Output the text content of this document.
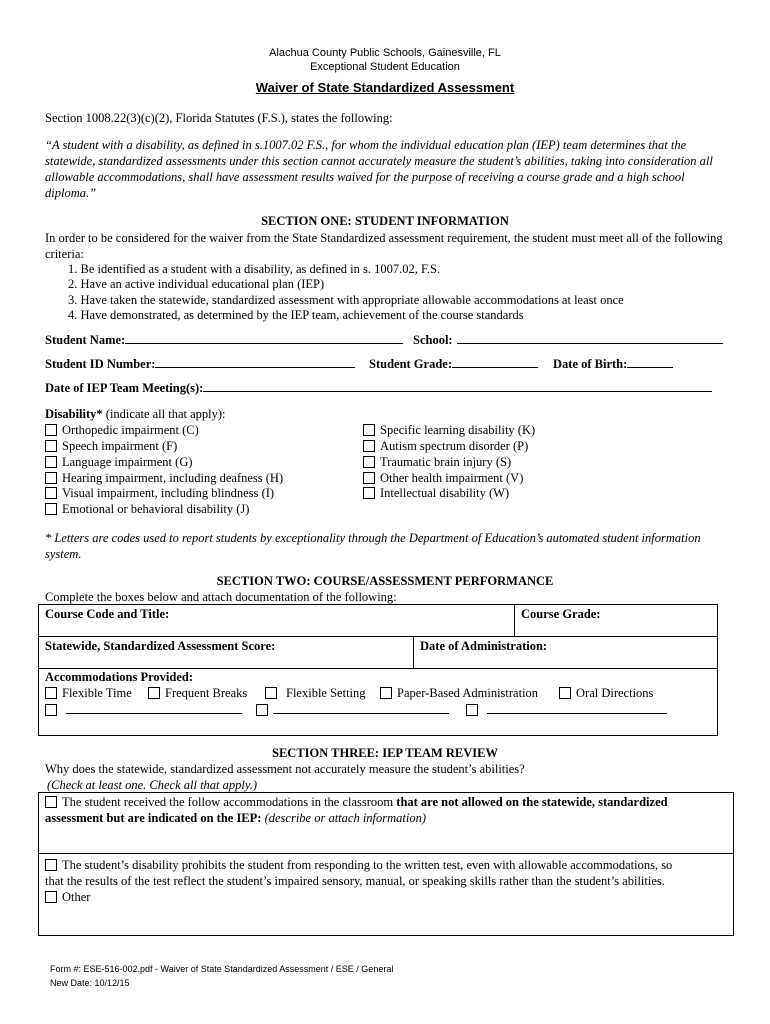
Alachua County Public Schools, Gainesville, FL
Exceptional Student Education
Waiver of State Standardized Assessment
Section 1008.22(3)(c)(2), Florida Statutes (F.S.), states the following:
“A student with a disability, as defined in s.1007.02 F.S., for whom the individual education plan (IEP) team determines that the statewide, standardized assessments under this section cannot accurately measure the student’s abilities, taking into consideration all allowable accommodations, shall have assessment results waived for the purpose of receiving a course grade and a high school diploma.”
SECTION ONE: STUDENT INFORMATION
In order to be considered for the waiver from the State Standardized assessment requirement, the student must meet all of the following criteria:
1. Be identified as a student with a disability, as defined in s. 1007.02, F.S.
2. Have an active individual educational plan (IEP)
3. Have taken the statewide, standardized assessment with appropriate allowable accommodations at least once
4. Have demonstrated, as determined by the IEP team, achievement of the course standards
Student Name:	School:
Student ID Number:	Student Grade:	Date of Birth:
Date of IEP Team Meeting(s):
Disability* (indicate all that apply):
Orthopedic impairment (C)
Speech impairment (F)
Language impairment (G)
Hearing impairment, including deafness (H)
Visual impairment, including blindness (I)
Emotional or behavioral disability (J)
Specific learning disability (K)
Autism spectrum disorder (P)
Traumatic brain injury (S)
Other health impairment (V)
Intellectual disability (W)
* Letters are codes used to report students by exceptionality through the Department of Education’s automated student information system.
SECTION TWO: COURSE/ASSESSMENT PERFORMANCE
Complete the boxes below and attach documentation of the following:
Course Code and Title:	Course Grade:
Statewide, Standardized Assessment Score:	Date of Administration:
Accommodations Provided:
Flexible Time	Frequent Breaks	Flexible Setting	Paper-Based Administration	Oral Directions
SECTION THREE: IEP TEAM REVIEW
Why does the statewide, standardized assessment not accurately measure the student’s abilities?
(Check at least one. Check all that apply.)
The student received the follow accommodations in the classroom that are not allowed on the statewide, standardized
assessment but are indicated on the IEP: (describe or attach information)
The student’s disability prohibits the student from responding to the written test, even with allowable accommodations, so
that the results of the test reflect the student’s impaired sensory, manual, or speaking skills rather than the student’s abilities.
Other
Form #: ESE-516-002.pdf - Waiver of State Standardized Assessment / ESE / General
New Date: 10/12/15
